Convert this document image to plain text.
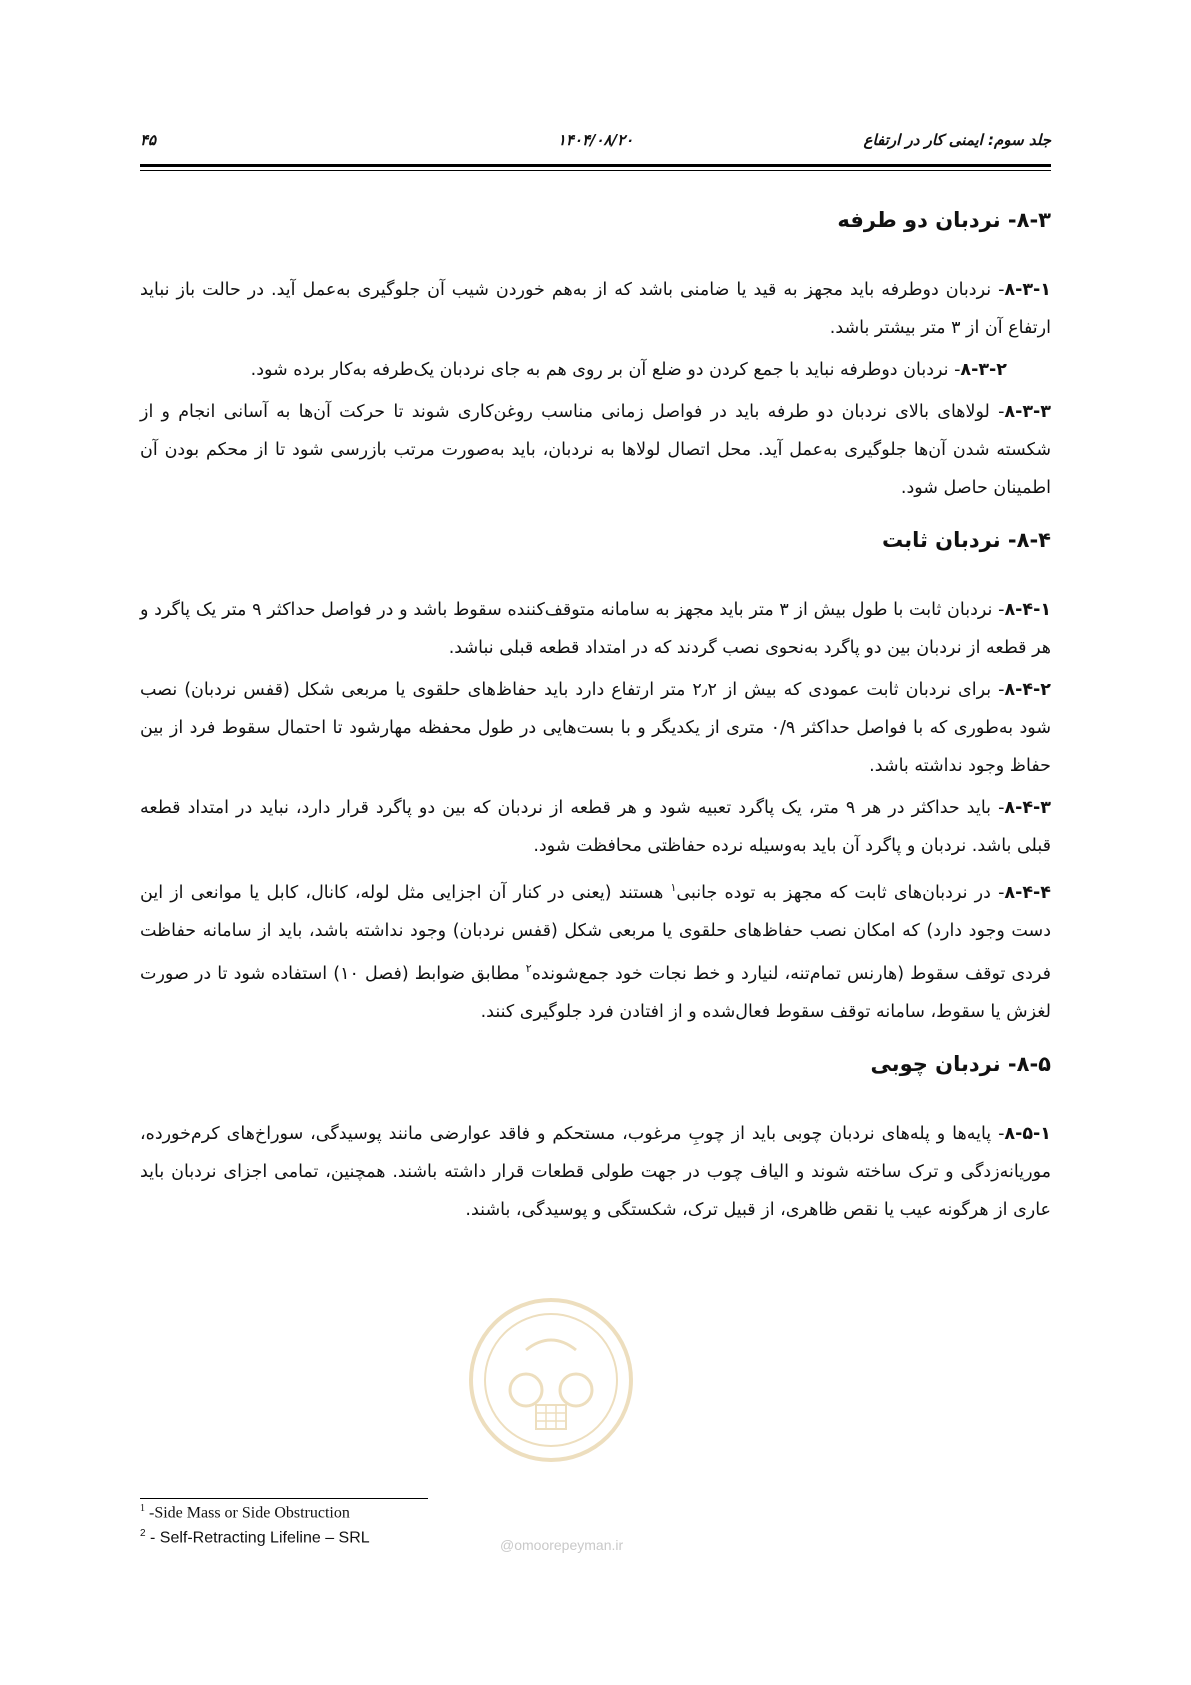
جلد سوم: ایمنی کار در ارتفاع
۱۴۰۴/۰۸/۲۰
۴۵
۸-۳- نردبان دو طرفه

۸-۳-۱- نردبان دوطرفه باید مجهز به قید یا ضامنی باشد که از به‌هم خوردن شیب آن جلوگیری به‌عمل آید. در حالت باز نباید ارتفاع آن از ۳ متر بیشتر باشد.

۸-۳-۲- نردبان دوطرفه نباید با جمع کردن دو ضلع آن بر روی هم به جای نردبان یک‌طرفه به‌کار برده شود.

۸-۳-۳- لولاهای بالای نردبان دو طرفه باید در فواصل زمانی مناسب روغن‌کاری شوند تا حرکت آن‌ها به آسانی انجام و از شکسته شدن آن‌ها جلوگیری به‌عمل آید. محل اتصال لولاها به نردبان، باید به‌صورت مرتب بازرسی شود تا از محکم بودن آن اطمینان حاصل شود.

۸-۴- نردبان ثابت

۸-۴-۱- نردبان ثابت با طول بیش از ۳ متر باید مجهز به سامانه متوقف‌کننده سقوط باشد و در فواصل حداکثر ۹ متر یک پاگرد و هر قطعه از نردبان بین دو پاگرد به‌نحوی نصب گردند که در امتداد قطعه قبلی نباشد.

۸-۴-۲- برای نردبان ثابت عمودی که بیش از ۲٫۲ متر ارتفاع دارد باید حفاظ‌های حلقوی یا مربعی شکل (قفس نردبان) نصب شود به‌طوری که با فواصل حداکثر ۰/۹ متری از یکدیگر و با بست‌هایی در طول محفظه مهارشود تا احتمال سقوط فرد از بین حفاظ وجود نداشته باشد.

۸-۴-۳- باید حداکثر در هر ۹ متر، یک پاگرد تعبیه شود و هر قطعه از نردبان که بین دو پاگرد قرار دارد، نباید در امتداد قطعه قبلی باشد. نردبان و پاگرد آن باید به‌وسیله نرده حفاظتی محافظت شود.

۸-۴-۴- در نردبان‌های ثابت که مجهز به توده جانبی$^۱$ هستند (یعنی در کنار آن اجزایی مثل لوله، کانال، کابل یا موانعی از این دست وجود دارد) که امکان نصب حفاظ‌های حلقوی یا مربعی شکل (قفس نردبان) وجود نداشته باشد، باید از سامانه حفاظت فردی توقف سقوط (هارنس تمام‌تنه، لنیارد و خط نجات خود جمع‌شونده$^۲$ مطابق ضوابط (فصل ۱۰) استفاده شود تا در صورت لغزش یا سقوط، سامانه توقف سقوط فعال‌شده و از افتادن فرد جلوگیری کنند.

۸-۵- نردبان چوبی

۸-۵-۱- پایه‌ها و پله‌های نردبان چوبی باید از چوبِ مرغوب، مستحکم و فاقد عوارضی مانند پوسیدگی، سوراخ‌های کرم‌خورده، موریانه‌زدگی و ترک ساخته شوند و الیاف چوب در جهت طولی قطعات قرار داشته باشند. همچنین، تمامی اجزای نردبان باید عاری از هرگونه عیب یا نقص ظاهری، از قبیل ترک، شکستگی و پوسیدگی، باشند.

@omoorepeyman.ir
$^1$ -Side Mass or Side Obstruction
$^2$ - Self-Retracting Lifeline – SRL
